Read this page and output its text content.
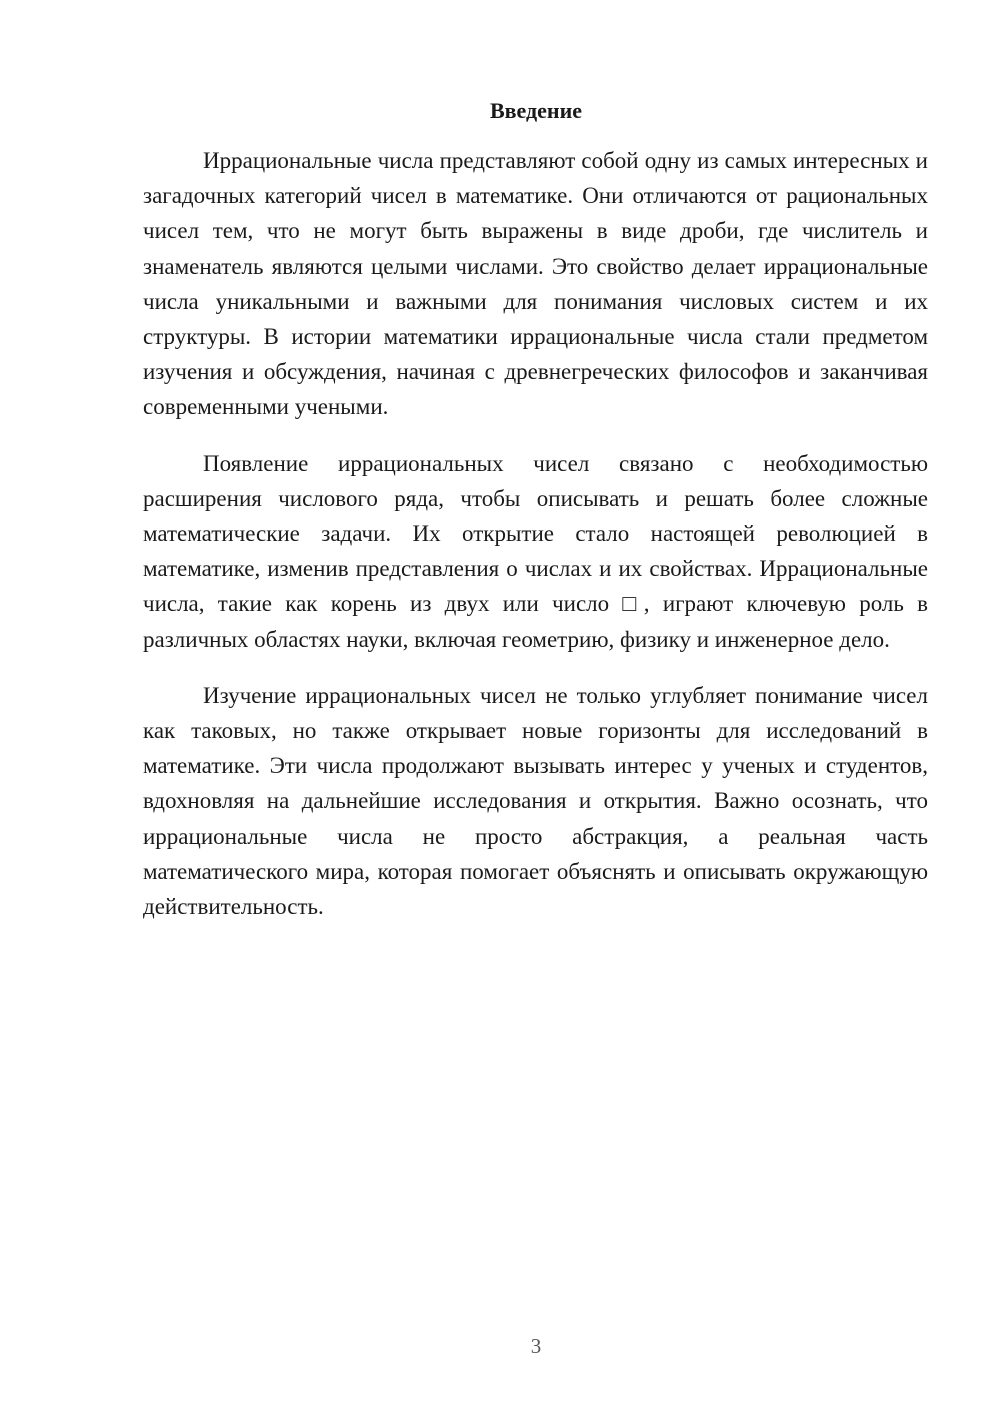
Введение

Иррациональные числа представляют собой одну из самых интересных и загадочных категорий чисел в математике. Они отличаются от рациональных чисел тем, что не могут быть выражены в виде дроби, где числитель и знаменатель являются целыми числами. Это свойство делает иррациональные числа уникальными и важными для понимания числовых систем и их структуры. В истории математики иррациональные числа стали предметом изучения и обсуждения, начиная с древнегреческих философов и заканчивая современными учеными.

Появление иррациональных чисел связано с необходимостью расширения числового ряда, чтобы описывать и решать более сложные математические задачи. Их открытие стало настоящей революцией в математике, изменив представления о числах и их свойствах. Иррациональные числа, такие как корень из двух или число □, играют ключевую роль в различных областях науки, включая геометрию, физику и инженерное дело.

Изучение иррациональных чисел не только углубляет понимание чисел как таковых, но также открывает новые горизонты для исследований в математике. Эти числа продолжают вызывать интерес у ученых и студентов, вдохновляя на дальнейшие исследования и открытия. Важно осознать, что иррациональные числа не просто абстракция, а реальная часть математического мира, которая помогает объяснять и описывать окружающую действительность.

3
